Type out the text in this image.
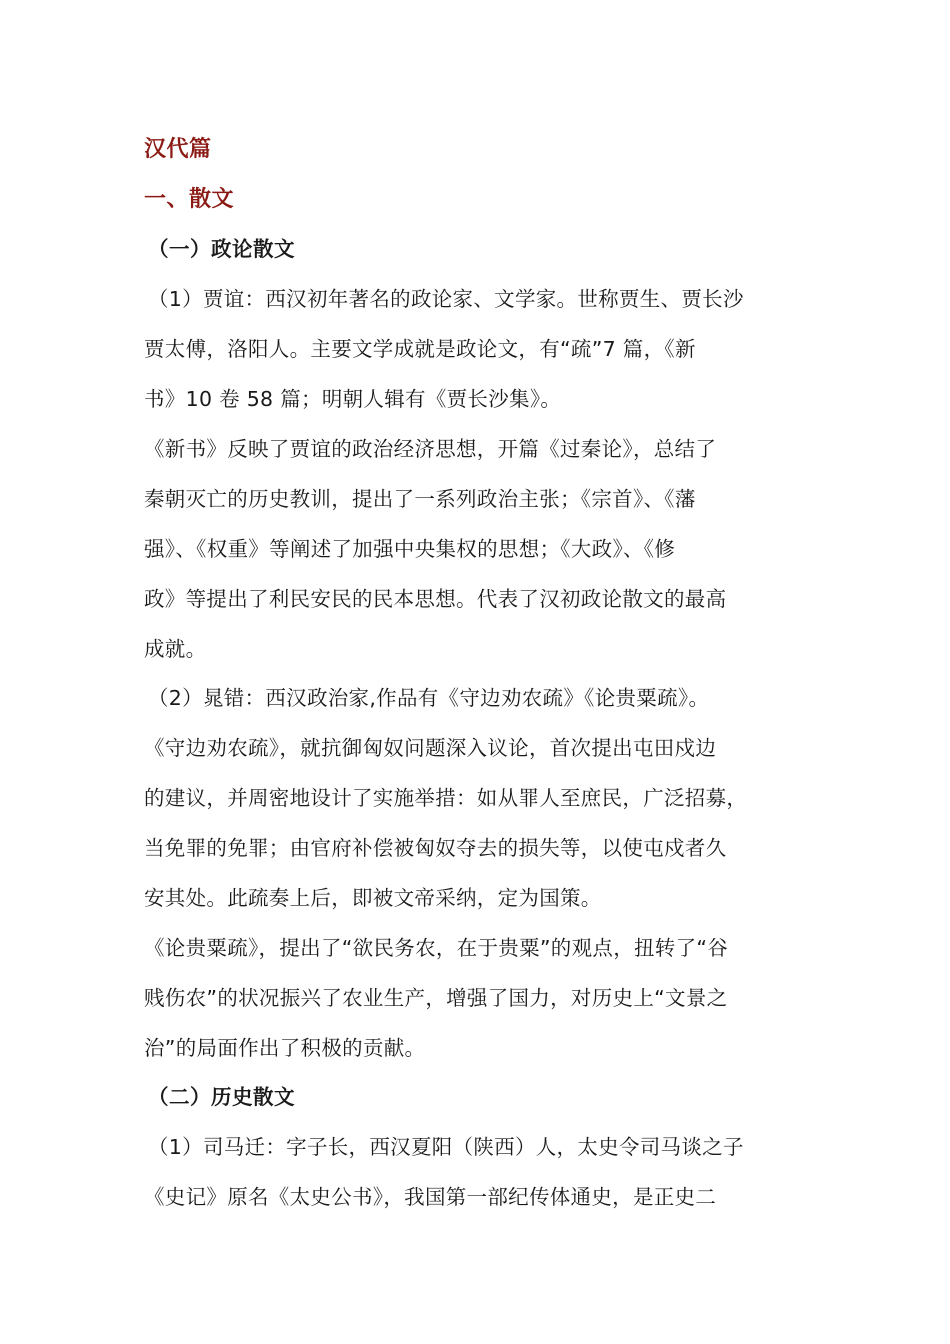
汉代篇

一、散文

（一）政论散文

（1）贾谊：西汉初年著名的政论家、文学家。世称贾生、贾长沙

贾太傅，洛阳人。主要文学成就是政论文，有“疏”7 篇，《新

书》10 卷 58 篇；明朝人辑有《贾长沙集》。

《新书》反映了贾谊的政治经济思想，开篇《过秦论》，总结了

秦朝灭亡的历史教训，提出了一系列政治主张；《宗首》、《藩

强》、《权重》等阐述了加强中央集权的思想；《大政》、《修

政》等提出了利民安民的民本思想。代表了汉初政论散文的最高

成就。

（2）晁错：西汉政治家,作品有《守边劝农疏》《论贵粟疏》。

《守边劝农疏》，就抗御匈奴问题深入议论，首次提出屯田戍边

的建议，并周密地设计了实施举措：如从罪人至庶民，广泛招募，

当免罪的免罪；由官府补偿被匈奴夺去的损失等，以使屯戍者久

安其处。此疏奏上后，即被文帝采纳，定为国策。

《论贵粟疏》，提出了“欲民务农，在于贵粟”的观点，扭转了“谷

贱伤农”的状况振兴了农业生产，增强了国力，对历史上“文景之

治”的局面作出了积极的贡献。

（二）历史散文

（1）司马迁：字子长，西汉夏阳（陕西）人，太史令司马谈之子

《史记》原名《太史公书》，我国第一部纪传体通史，是正史二
